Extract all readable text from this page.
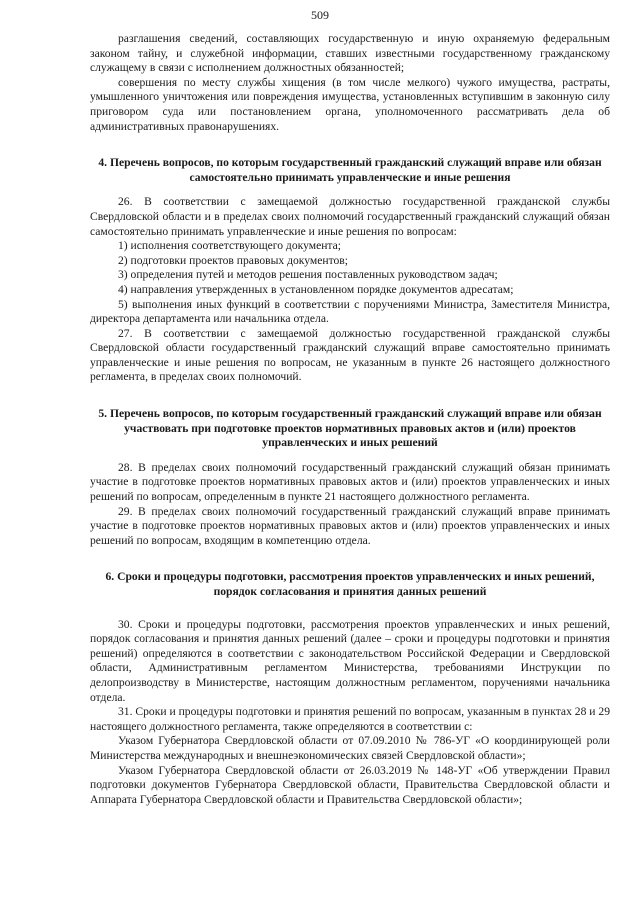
509

разглашения сведений, составляющих государственную и иную охраняемую федеральным законом тайну, и служебной информации, ставших известными государственному гражданскому служащему в связи с исполнением должностных обязанностей;

совершения по месту службы хищения (в том числе мелкого) чужого имущества, растраты, умышленного уничтожения или повреждения имущества, установленных вступившим в законную силу приговором суда или постановлением органа, уполномоченного рассматривать дела об административных правонарушениях.

4. Перечень вопросов, по которым государственный гражданский служащий вправе или обязан самостоятельно принимать управленческие и иные решения

26. В соответствии с замещаемой должностью государственной гражданской службы Свердловской области и в пределах своих полномочий государственный гражданский служащий обязан самостоятельно принимать управленческие и иные решения по вопросам:

1) исполнения соответствующего документа;

2) подготовки проектов правовых документов;

3) определения путей и методов решения поставленных руководством задач;

4) направления утвержденных в установленном порядке документов адресатам;

5) выполнения иных функций в соответствии с поручениями Министра, Заместителя Министра, директора департамента или начальника отдела.

27. В соответствии с замещаемой должностью государственной гражданской службы Свердловской области государственный гражданский служащий вправе самостоятельно принимать управленческие и иные решения по вопросам, не указанным в пункте 26 настоящего должностного регламента, в пределах своих полномочий.

5. Перечень вопросов, по которым государственный гражданский служащий вправе или обязан участвовать при подготовке проектов нормативных правовых актов и (или) проектов управленческих и иных решений

28. В пределах своих полномочий государственный гражданский служащий обязан принимать участие в подготовке проектов нормативных правовых актов и (или) проектов управленческих и иных решений по вопросам, определенным в пункте 21 настоящего должностного регламента.

29. В пределах своих полномочий государственный гражданский служащий вправе принимать участие в подготовке проектов нормативных правовых актов и (или) проектов управленческих и иных решений по вопросам, входящим в компетенцию отдела.

6. Сроки и процедуры подготовки, рассмотрения проектов управленческих и иных решений, порядок согласования и принятия данных решений

30. Сроки и процедуры подготовки, рассмотрения проектов управленческих и иных решений, порядок согласования и принятия данных решений (далее – сроки и процедуры подготовки и принятия решений) определяются в соответствии с законодательством Российской Федерации и Свердловской области, Административным регламентом Министерства, требованиями Инструкции по делопроизводству в Министерстве, настоящим должностным регламентом, поручениями начальника отдела.

31. Сроки и процедуры подготовки и принятия решений по вопросам, указанным в пунктах 28 и 29 настоящего должностного регламента, также определяются в соответствии с:

Указом Губернатора Свердловской области от 07.09.2010 № 786-УГ «О координирующей роли Министерства международных и внешнеэкономических связей Свердловской области»;

Указом Губернатора Свердловской области от 26.03.2019 № 148-УГ «Об утверждении Правил подготовки документов Губернатора Свердловской области, Правительства Свердловской области и Аппарата Губернатора Свердловской области и Правительства Свердловской области»;
